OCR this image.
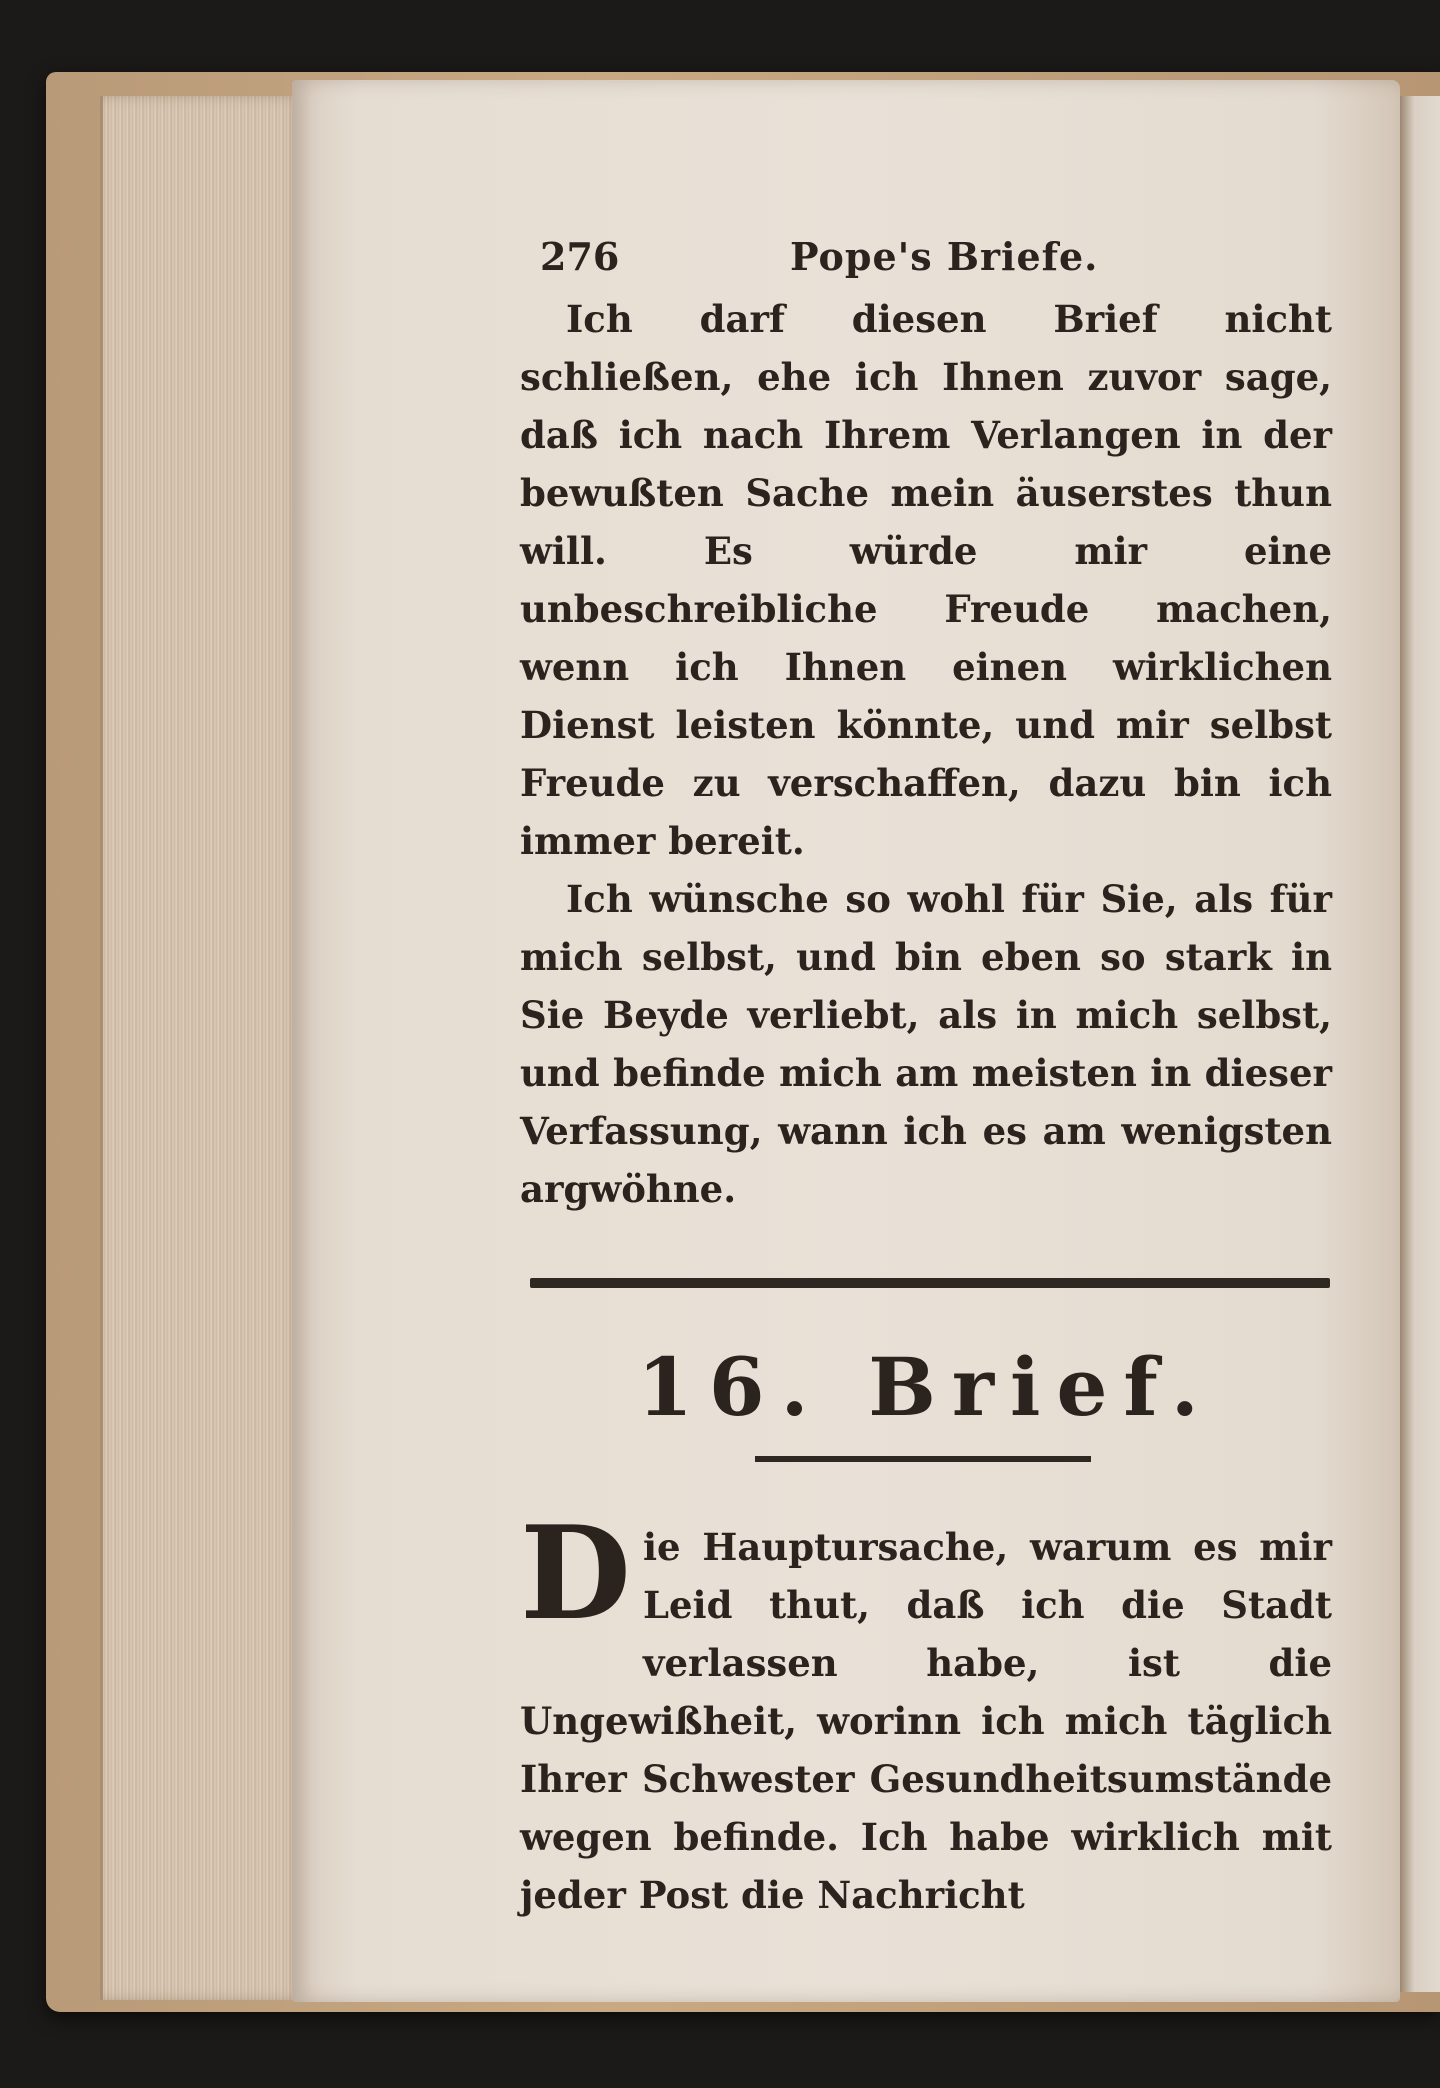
276	Pope's Briefe.

Ich darf diesen Brief nicht schließen, ehe ich Ihnen zuvor sage, daß ich nach Ihrem Verlangen in der bewußten Sache mein äuserstes thun will. Es würde mir eine unbeschreibliche Freude machen, wenn ich Ihnen einen wirklichen Dienst leisten könnte, und mir selbst Freude zu verschaffen, dazu bin ich immer bereit.

Ich wünsche so wohl für Sie, als für mich selbst, und bin eben so stark in Sie Beyde verliebt, als in mich selbst, und befinde mich am meisten in dieser Verfassung, wann ich es am wenigsten argwöhne.

16. Brief.
D ie Hauptursache, warum es mir Leid thut, daß ich die Stadt verlassen habe, ist die Ungewißheit, worinn ich mich täglich Ihrer Schwester Gesundheitsumstände wegen befinde. Ich habe wirklich mit jeder Post die Nachricht
